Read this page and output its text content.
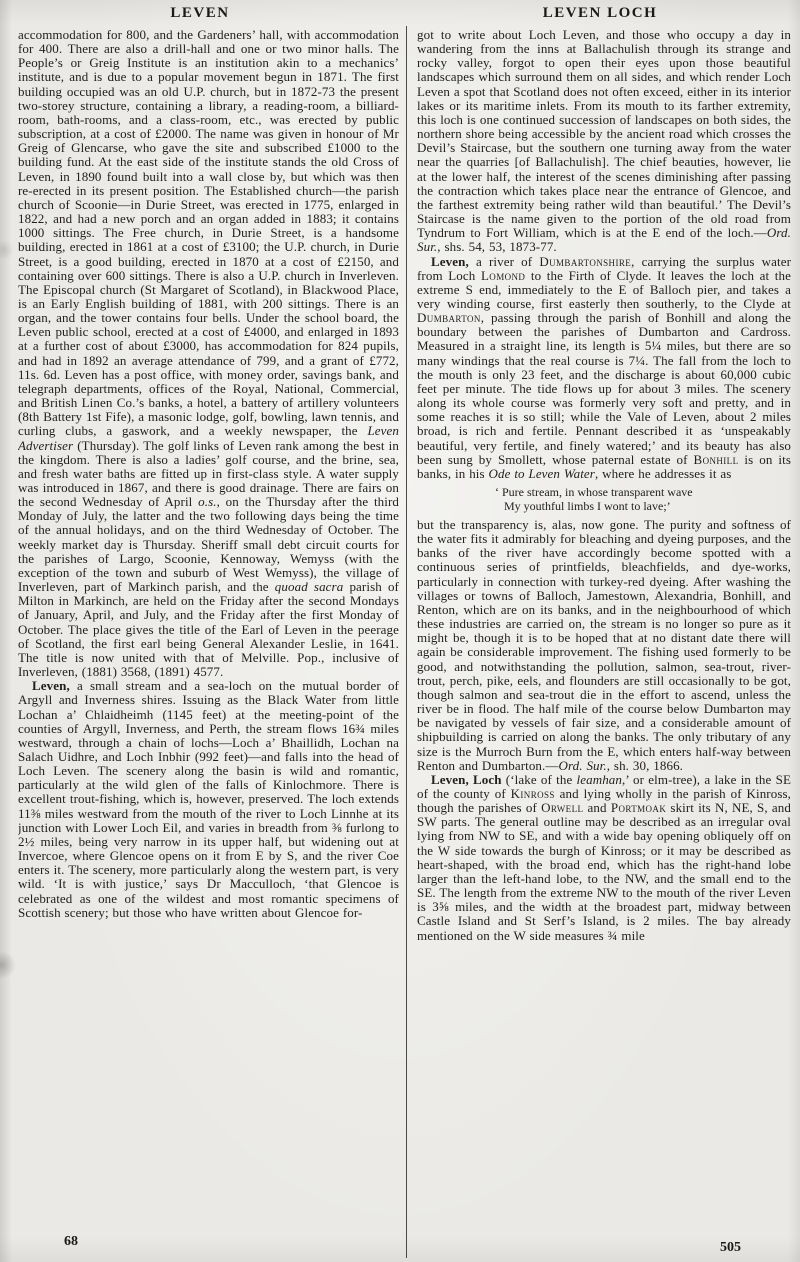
LEVEN	LEVEN LOCH

accommodation for 800, and the Gardeners’ hall, with accommodation for 400. There are also a drill-hall and one or two minor halls. The People’s or Greig Institute is an institution akin to a mechanics’ institute, and is due to a popular movement begun in 1871. The first building occupied was an old U.P. church, but in 1872-73 the present two-storey structure, containing a library, a reading-room, a billiard-room, bath-rooms, and a class-room, etc., was erected by public subscription, at a cost of £2000. The name was given in honour of Mr Greig of Glencarse, who gave the site and subscribed £1000 to the building fund. At the east side of the institute stands the old Cross of Leven, in 1890 found built into a wall close by, but which was then re-erected in its present position. The Established church—the parish church of Scoonie—in Durie Street, was erected in 1775, enlarged in 1822, and had a new porch and an organ added in 1883; it contains 1000 sittings. The Free church, in Durie Street, is a handsome building, erected in 1861 at a cost of £3100; the U.P. church, in Durie Street, is a good building, erected in 1870 at a cost of £2150, and containing over 600 sittings. There is also a U.P. church in Inverleven. The Episcopal church (St Margaret of Scotland), in Blackwood Place, is an Early English building of 1881, with 200 sittings. There is an organ, and the tower contains four bells. Under the school board, the Leven public school, erected at a cost of £4000, and enlarged in 1893 at a further cost of about £3000, has accommodation for 824 pupils, and had in 1892 an average attendance of 799, and a grant of £772, 11s. 6d. Leven has a post office, with money order, savings bank, and telegraph departments, offices of the Royal, National, Commercial, and British Linen Co.’s banks, a hotel, a battery of artillery volunteers (8th Battery 1st Fife), a masonic lodge, golf, bowling, lawn tennis, and curling clubs, a gaswork, and a weekly newspaper, the Leven Advertiser (Thursday). The golf links of Leven rank among the best in the kingdom. There is also a ladies’ golf course, and the brine, sea, and fresh water baths are fitted up in first-class style. A water supply was introduced in 1867, and there is good drainage. There are fairs on the second Wednesday of April o.s., on the Thursday after the third Monday of July, the latter and the two following days being the time of the annual holidays, and on the third Wednesday of October. The weekly market day is Thursday. Sheriff small debt circuit courts for the parishes of Largo, Scoonie, Kennoway, Wemyss (with the exception of the town and suburb of West Wemyss), the village of Inverleven, part of Markinch parish, and the quoad sacra parish of Milton in Markinch, are held on the Friday after the second Mondays of January, April, and July, and the Friday after the first Monday of October. The place gives the title of the Earl of Leven in the peerage of Scotland, the first earl being General Alexander Leslie, in 1641. The title is now united with that of Melville. Pop., inclusive of Inverleven, (1881) 3568, (1891) 4577.

Leven, a small stream and a sea-loch on the mutual border of Argyll and Inverness shires. Issuing as the Black Water from little Lochan a’ Chlaidheimh (1145 feet) at the meeting-point of the counties of Argyll, Inverness, and Perth, the stream flows 16¾ miles westward, through a chain of lochs—Loch a’ Bhaillidh, Lochan na Salach Uidhre, and Loch Inbhir (992 feet)—and falls into the head of Loch Leven. The scenery along the basin is wild and romantic, particularly at the wild glen of the falls of Kinlochmore. There is excellent trout-fishing, which is, however, preserved. The loch extends 11⅜ miles westward from the mouth of the river to Loch Linnhe at its junction with Lower Loch Eil, and varies in breadth from ⅜ furlong to 2½ miles, being very narrow in its upper half, but widening out at Invercoe, where Glencoe opens on it from E by S, and the river Coe enters it. The scenery, more particularly along the western part, is very wild. ‘It is with justice,’ says Dr Macculloch, ‘that Glencoe is celebrated as one of the wildest and most romantic specimens of Scottish scenery; but those who have written about Glencoe for-

got to write about Loch Leven, and those who occupy a day in wandering from the inns at Ballachulish through its strange and rocky valley, forgot to open their eyes upon those beautiful landscapes which surround them on all sides, and which render Loch Leven a spot that Scotland does not often exceed, either in its interior lakes or its maritime inlets. From its mouth to its farther extremity, this loch is one continued succession of landscapes on both sides, the northern shore being accessible by the ancient road which crosses the Devil’s Staircase, but the southern one turning away from the water near the quarries [of Ballachulish]. The chief beauties, however, lie at the lower half, the interest of the scenes diminishing after passing the contraction which takes place near the entrance of Glencoe, and the farthest extremity being rather wild than beautiful.’ The Devil’s Staircase is the name given to the portion of the old road from Tyndrum to Fort William, which is at the E end of the loch.—Ord. Sur., shs. 54, 53, 1873-77.

Leven, a river of Dumbartonshire, carrying the surplus water from Loch Lomond to the Firth of Clyde. It leaves the loch at the extreme S end, immediately to the E of Balloch pier, and takes a very winding course, first easterly then southerly, to the Clyde at Dumbarton, passing through the parish of Bonhill and along the boundary between the parishes of Dumbarton and Cardross. Measured in a straight line, its length is 5¼ miles, but there are so many windings that the real course is 7¼. The fall from the loch to the mouth is only 23 feet, and the discharge is about 60,000 cubic feet per minute. The tide flows up for about 3 miles. The scenery along its whole course was formerly very soft and pretty, and in some reaches it is so still; while the Vale of Leven, about 2 miles broad, is rich and fertile. Pennant described it as ‘unspeakably beautiful, very fertile, and finely watered;’ and its beauty has also been sung by Smollett, whose paternal estate of Bonhill is on its banks, in his Ode to Leven Water, where he addresses it as

‘ Pure stream, in whose transparent wave
My youthful limbs I wont to lave;’

but the transparency is, alas, now gone. The purity and softness of the water fits it admirably for bleaching and dyeing purposes, and the banks of the river have accordingly become spotted with a continuous series of printfields, bleachfields, and dye-works, particularly in connection with turkey-red dyeing. After washing the villages or towns of Balloch, Jamestown, Alexandria, Bonhill, and Renton, which are on its banks, and in the neighbourhood of which these industries are carried on, the stream is no longer so pure as it might be, though it is to be hoped that at no distant date there will again be considerable improvement. The fishing used formerly to be good, and notwithstanding the pollution, salmon, sea-trout, river-trout, perch, pike, eels, and flounders are still occasionally to be got, though salmon and sea-trout die in the effort to ascend, unless the river be in flood. The half mile of the course below Dumbarton may be navigated by vessels of fair size, and a considerable amount of shipbuilding is carried on along the banks. The only tributary of any size is the Murroch Burn from the E, which enters half-way between Renton and Dumbarton.—Ord. Sur., sh. 30, 1866.

Leven, Loch (‘lake of the leamhan,’ or elm-tree), a lake in the SE of the county of Kinross and lying wholly in the parish of Kinross, though the parishes of Orwell and Portmoak skirt its N, NE, S, and SW parts. The general outline may be described as an irregular oval lying from NW to SE, and with a wide bay opening obliquely off on the W side towards the burgh of Kinross; or it may be described as heart-shaped, with the broad end, which has the right-hand lobe larger than the left-hand lobe, to the NW, and the small end to the SE. The length from the extreme NW to the mouth of the river Leven is 3⅝ miles, and the width at the broadest part, midway between Castle Island and St Serf’s Island, is 2 miles. The bay already mentioned on the W side measures ¾ mile

68	505
